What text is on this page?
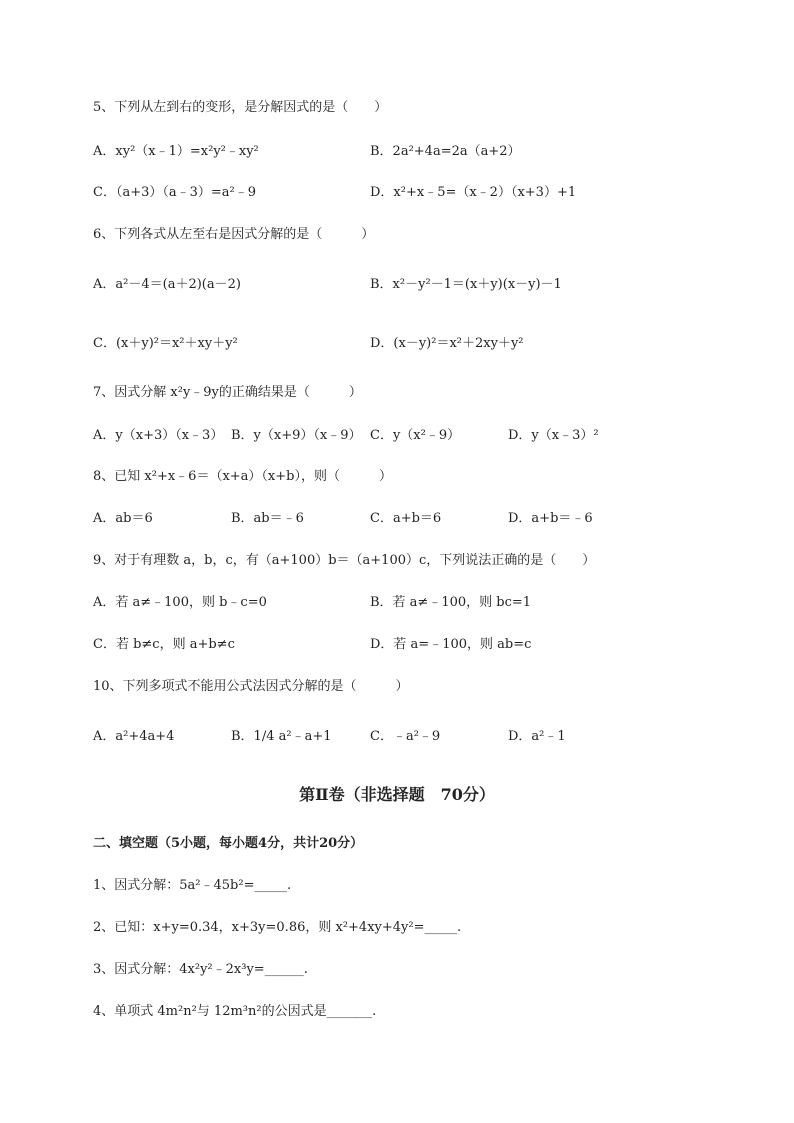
5、下列从左到右的变形，是分解因式的是（　　）
A．xy²（x﹣1）=x²y²﹣xy²	B．2a²+4a=2a（a+2）
C．（a+3）（a﹣3）=a²﹣9	D．x²+x﹣5=（x﹣2）（x+3）+1
6、下列各式从左至右是因式分解的是（　　　）
A．a²－4＝(a＋2)(a－2)	B．x²－y²－1＝(x＋y)(x－y)－1
C．(x＋y)²＝x²＋xy＋y²	D．(x－y)²＝x²＋2xy＋y²
7、因式分解 x²y﹣9y的正确结果是（　　　）
A．y（x+3）（x﹣3） B．y（x+9）（x﹣9） C．y（x²﹣9）	D．y（x﹣3）²
8、已知 x²+x﹣6＝（x+a）（x+b），则（　　　）
A．ab＝6	B．ab＝﹣6	C．a+b＝6	D．a+b＝﹣6
9、对于有理数 a，b，c，有（a+100）b＝（a+100）c，下列说法正确的是（　　）
A．若 a≠﹣100，则 b﹣c=0	B．若 a≠﹣100，则 bc=1
C．若 b≠c，则 a+b≠c	D．若 a=﹣100，则 ab=c
10、下列多项式不能用公式法因式分解的是（　　　）
A．a²+4a+4	B．1/4 a²﹣a+1	C．﹣a²﹣9	D．a²﹣1
第Ⅱ卷（非选择题　70分）
二、填空题（5小题，每小题4分，共计20分）
1、因式分解：5a²﹣45b²=_____.
2、已知：x+y=0.34，x+3y=0.86，则 x²+4xy+4y²=_____.
3、因式分解：4x²y²﹣2x³y=______.
4、单项式 4m²n²与 12m³n²的公因式是_______.
